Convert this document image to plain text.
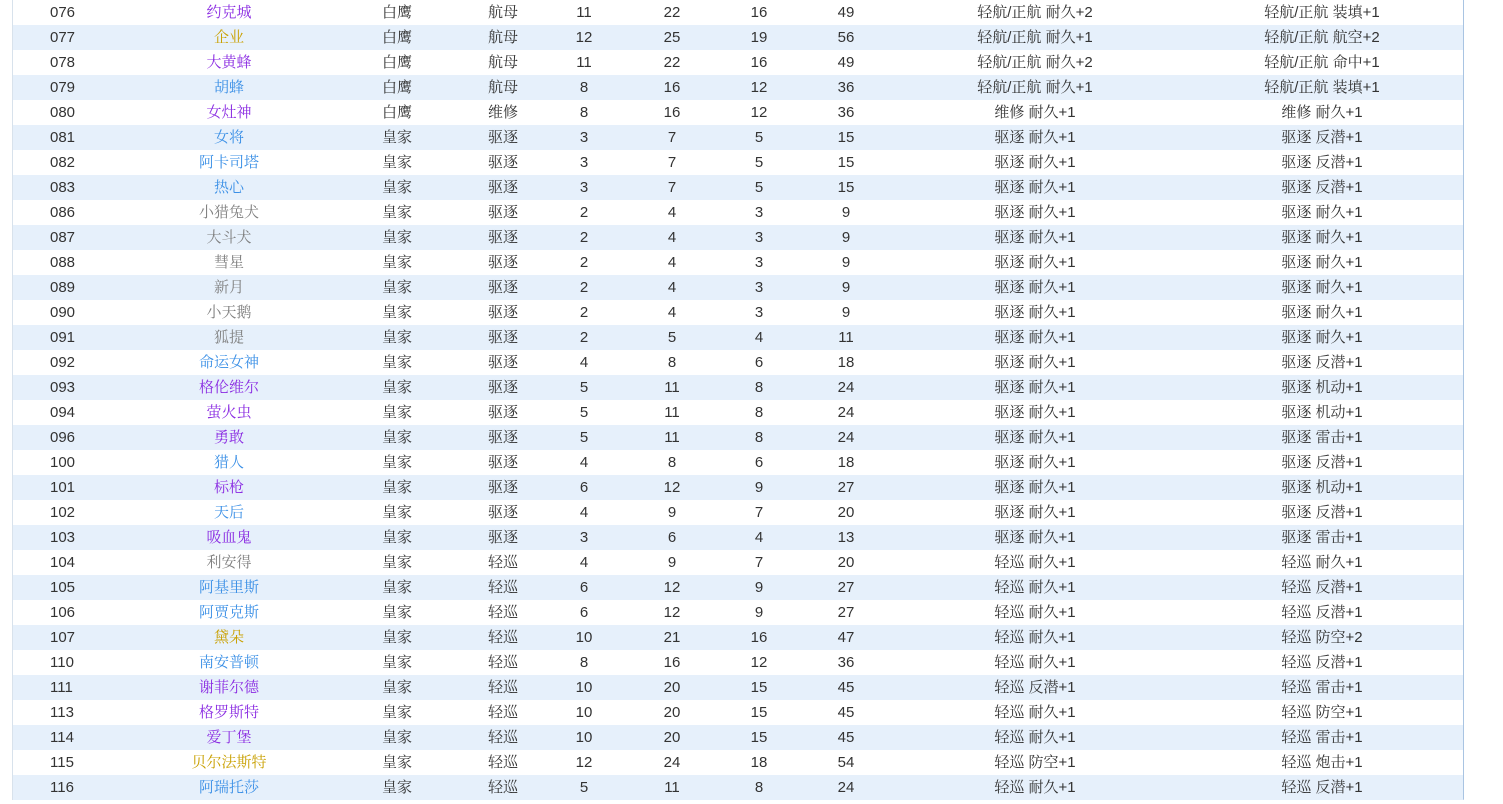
076	约克城	白鹰	航母	11	22	16	49	轻航/正航 耐久+2	轻航/正航 装填+1
077	企业	白鹰	航母	12	25	19	56	轻航/正航 耐久+1	轻航/正航 航空+2
078	大黄蜂	白鹰	航母	11	22	16	49	轻航/正航 耐久+2	轻航/正航 命中+1
079	胡蜂	白鹰	航母	8	16	12	36	轻航/正航 耐久+1	轻航/正航 装填+1
080	女灶神	白鹰	维修	8	16	12	36	维修 耐久+1	维修 耐久+1
081	女将	皇家	驱逐	3	7	5	15	驱逐 耐久+1	驱逐 反潜+1
082	阿卡司塔	皇家	驱逐	3	7	5	15	驱逐 耐久+1	驱逐 反潜+1
083	热心	皇家	驱逐	3	7	5	15	驱逐 耐久+1	驱逐 反潜+1
086	小猎兔犬	皇家	驱逐	2	4	3	9	驱逐 耐久+1	驱逐 耐久+1
087	大斗犬	皇家	驱逐	2	4	3	9	驱逐 耐久+1	驱逐 耐久+1
088	彗星	皇家	驱逐	2	4	3	9	驱逐 耐久+1	驱逐 耐久+1
089	新月	皇家	驱逐	2	4	3	9	驱逐 耐久+1	驱逐 耐久+1
090	小天鹅	皇家	驱逐	2	4	3	9	驱逐 耐久+1	驱逐 耐久+1
091	狐提	皇家	驱逐	2	5	4	11	驱逐 耐久+1	驱逐 耐久+1
092	命运女神	皇家	驱逐	4	8	6	18	驱逐 耐久+1	驱逐 反潜+1
093	格伦维尔	皇家	驱逐	5	11	8	24	驱逐 耐久+1	驱逐 机动+1
094	萤火虫	皇家	驱逐	5	11	8	24	驱逐 耐久+1	驱逐 机动+1
096	勇敢	皇家	驱逐	5	11	8	24	驱逐 耐久+1	驱逐 雷击+1
100	猎人	皇家	驱逐	4	8	6	18	驱逐 耐久+1	驱逐 反潜+1
101	标枪	皇家	驱逐	6	12	9	27	驱逐 耐久+1	驱逐 机动+1
102	天后	皇家	驱逐	4	9	7	20	驱逐 耐久+1	驱逐 反潜+1
103	吸血鬼	皇家	驱逐	3	6	4	13	驱逐 耐久+1	驱逐 雷击+1
104	利安得	皇家	轻巡	4	9	7	20	轻巡 耐久+1	轻巡 耐久+1
105	阿基里斯	皇家	轻巡	6	12	9	27	轻巡 耐久+1	轻巡 反潜+1
106	阿贾克斯	皇家	轻巡	6	12	9	27	轻巡 耐久+1	轻巡 反潜+1
107	黛朵	皇家	轻巡	10	21	16	47	轻巡 耐久+1	轻巡 防空+2
110	南安普顿	皇家	轻巡	8	16	12	36	轻巡 耐久+1	轻巡 反潜+1
111	谢菲尔德	皇家	轻巡	10	20	15	45	轻巡 反潜+1	轻巡 雷击+1
113	格罗斯特	皇家	轻巡	10	20	15	45	轻巡 耐久+1	轻巡 防空+1
114	爱丁堡	皇家	轻巡	10	20	15	45	轻巡 耐久+1	轻巡 雷击+1
115	贝尔法斯特	皇家	轻巡	12	24	18	54	轻巡 防空+1	轻巡 炮击+1
116	阿瑞托莎	皇家	轻巡	5	11	8	24	轻巡 耐久+1	轻巡 反潜+1
